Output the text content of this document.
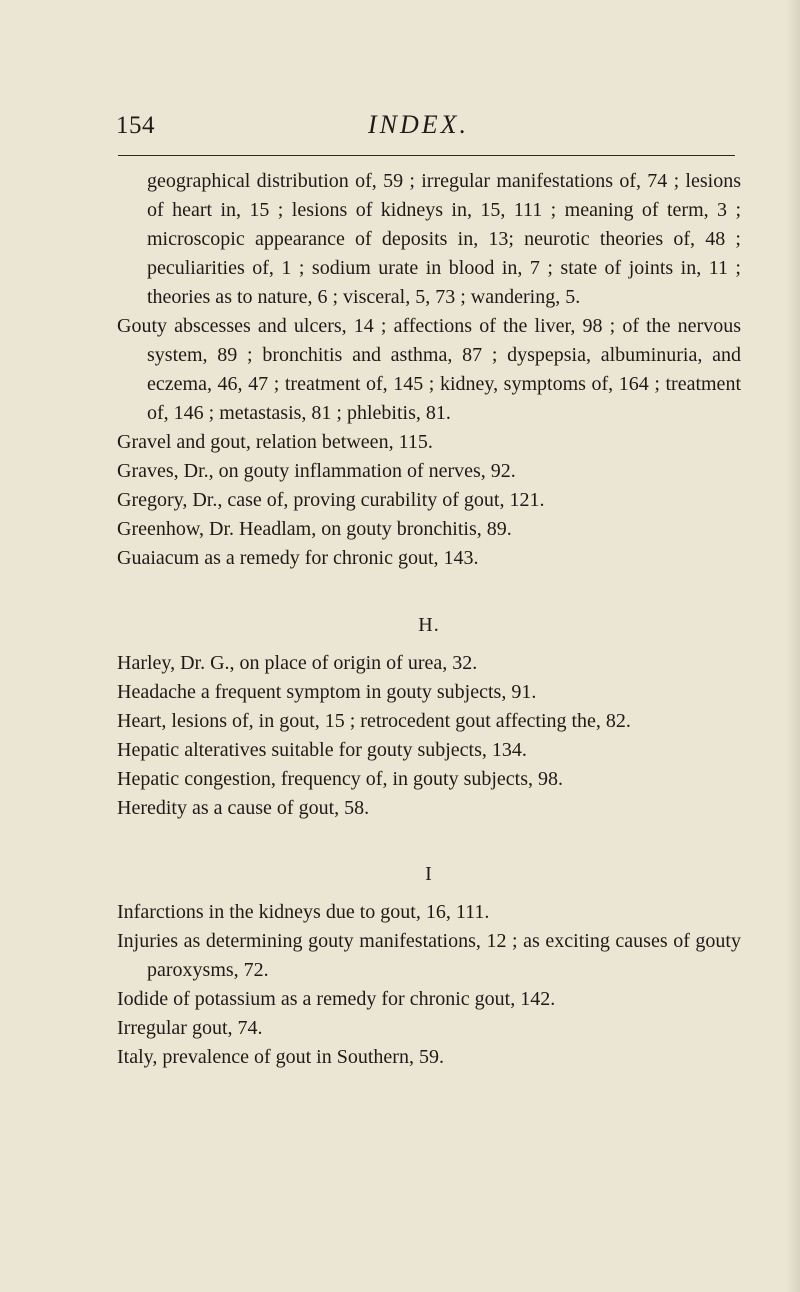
154	INDEX.

geographical distribution of, 59 ; irregular manifestations of, 74 ; lesions of heart in, 15 ; lesions of kidneys in, 15, 111 ; meaning of term, 3 ; microscopic appearance of deposits in, 13; neurotic theories of, 48 ; peculiarities of, 1 ; sodium urate in blood in, 7 ; state of joints in, 11 ; theories as to nature, 6 ; visceral, 5, 73 ; wandering, 5.

Gouty abscesses and ulcers, 14 ; affections of the liver, 98 ; of the nervous system, 89 ; bronchitis and asthma, 87 ; dyspepsia, albuminuria, and eczema, 46, 47 ; treatment of, 145 ; kidney, symptoms of, 164 ; treatment of, 146 ; metastasis, 81 ; phlebitis, 81.

Gravel and gout, relation between, 115.

Graves, Dr., on gouty inflammation of nerves, 92.

Gregory, Dr., case of, proving curability of gout, 121.

Greenhow, Dr. Headlam, on gouty bronchitis, 89.

Guaiacum as a remedy for chronic gout, 143.

H.

Harley, Dr. G., on place of origin of urea, 32.

Headache a frequent symptom in gouty subjects, 91.

Heart, lesions of, in gout, 15 ; retrocedent gout affecting the, 82.

Hepatic alteratives suitable for gouty subjects, 134.

Hepatic congestion, frequency of, in gouty subjects, 98.

Heredity as a cause of gout, 58.

I

Infarctions in the kidneys due to gout, 16, 111.

Injuries as determining gouty manifestations, 12 ; as exciting causes of gouty paroxysms, 72.

Iodide of potassium as a remedy for chronic gout, 142.

Irregular gout, 74.

Italy, prevalence of gout in Southern, 59.
